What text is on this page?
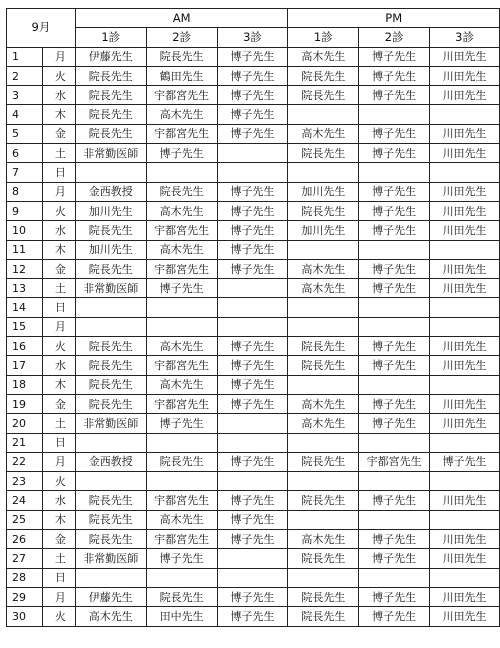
9月		AM			PM		
		1診	2診	3診	1診	2診	3診
1	月	伊藤先生	院長先生	博子先生	高木先生	博子先生	川田先生
2	火	院長先生	鶴田先生	博子先生	院長先生	博子先生	川田先生
3	水	院長先生	宇都宮先生	博子先生	院長先生	博子先生	川田先生
4	木	院長先生	高木先生	博子先生			
5	金	院長先生	宇都宮先生	博子先生	高木先生	博子先生	川田先生
6	土	非常勤医師	博子先生		院長先生	博子先生	川田先生
7	日						
8	月	金西教授	院長先生	博子先生	加川先生	博子先生	川田先生
9	火	加川先生	高木先生	博子先生	院長先生	博子先生	川田先生
10	水	院長先生	宇都宮先生	博子先生	加川先生	博子先生	川田先生
11	木	加川先生	高木先生	博子先生			
12	金	院長先生	宇都宮先生	博子先生	高木先生	博子先生	川田先生
13	土	非常勤医師	博子先生		高木先生	博子先生	川田先生
14	日						
15	月						
16	火	院長先生	高木先生	博子先生	院長先生	博子先生	川田先生
17	水	院長先生	宇都宮先生	博子先生	院長先生	博子先生	川田先生
18	木	院長先生	高木先生	博子先生			
19	金	院長先生	宇都宮先生	博子先生	高木先生	博子先生	川田先生
20	土	非常勤医師	博子先生		高木先生	博子先生	川田先生
21	日						
22	月	金西教授	院長先生	博子先生	院長先生	宇都宮先生	博子先生
23	火						
24	水	院長先生	宇都宮先生	博子先生	院長先生	博子先生	川田先生
25	木	院長先生	高木先生	博子先生			
26	金	院長先生	宇都宮先生	博子先生	高木先生	博子先生	川田先生
27	土	非常勤医師	博子先生		院長先生	博子先生	川田先生
28	日						
29	月	伊藤先生	院長先生	博子先生	院長先生	博子先生	川田先生
30	火	高木先生	田中先生	博子先生	院長先生	博子先生	川田先生
